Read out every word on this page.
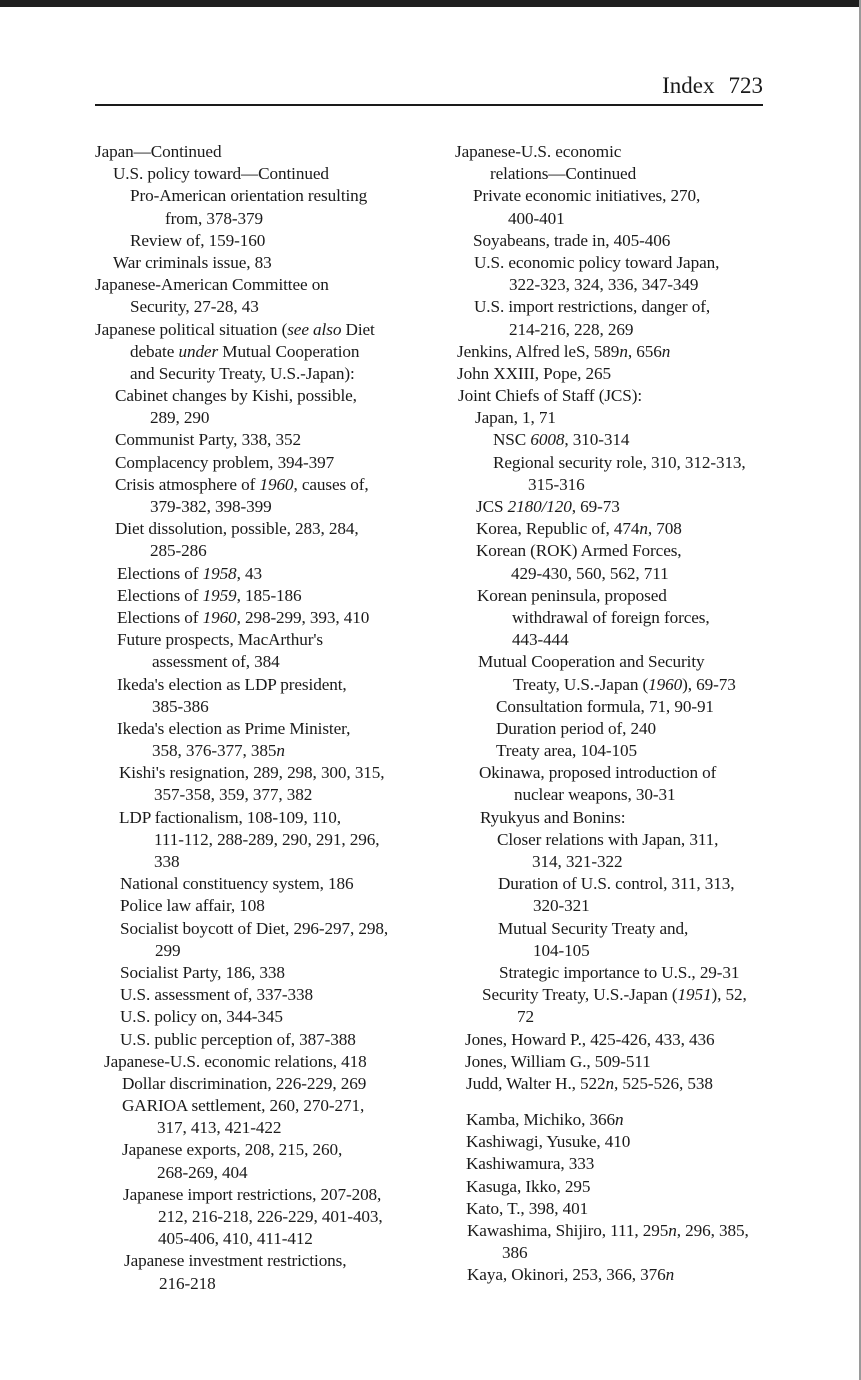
Index 723
Japan—Continued
U.S. policy toward—Continued
Pro-American orientation resulting
from, 378-379
Review of, 159-160
War criminals issue, 83
Japanese-American Committee on
Security, 27-28, 43
Japanese political situation (see also Diet
debate under Mutual Cooperation
and Security Treaty, U.S.-Japan):
Cabinet changes by Kishi, possible,
289, 290
Communist Party, 338, 352
Complacency problem, 394-397
Crisis atmosphere of 1960, causes of,
379-382, 398-399
Diet dissolution, possible, 283, 284,
285-286
Elections of 1958, 43
Elections of 1959, 185-186
Elections of 1960, 298-299, 393, 410
Future prospects, MacArthur's
assessment of, 384
Ikeda's election as LDP president,
385-386
Ikeda's election as Prime Minister,
358, 376-377, 385n
Kishi's resignation, 289, 298, 300, 315,
357-358, 359, 377, 382
LDP factionalism, 108-109, 110,
111-112, 288-289, 290, 291, 296,
338
National constituency system, 186
Police law affair, 108
Socialist boycott of Diet, 296-297, 298,
299
Socialist Party, 186, 338
U.S. assessment of, 337-338
U.S. policy on, 344-345
U.S. public perception of, 387-388
Japanese-U.S. economic relations, 418
Dollar discrimination, 226-229, 269
GARIOA settlement, 260, 270-271,
317, 413, 421-422
Japanese exports, 208, 215, 260,
268-269, 404
Japanese import restrictions, 207-208,
212, 216-218, 226-229, 401-403,
405-406, 410, 411-412
Japanese investment restrictions,
216-218
Japanese-U.S. economic
relations—Continued
Private economic initiatives, 270,
400-401
Soyabeans, trade in, 405-406
U.S. economic policy toward Japan,
322-323, 324, 336, 347-349
U.S. import restrictions, danger of,
214-216, 228, 269
Jenkins, Alfred leS, 589n, 656n
John XXIII, Pope, 265
Joint Chiefs of Staff (JCS):
Japan, 1, 71
NSC 6008, 310-314
Regional security role, 310, 312-313,
315-316
JCS 2180/120, 69-73
Korea, Republic of, 474n, 708
Korean (ROK) Armed Forces,
429-430, 560, 562, 711
Korean peninsula, proposed
withdrawal of foreign forces,
443-444
Mutual Cooperation and Security
Treaty, U.S.-Japan (1960), 69-73
Consultation formula, 71, 90-91
Duration period of, 240
Treaty area, 104-105
Okinawa, proposed introduction of
nuclear weapons, 30-31
Ryukyus and Bonins:
Closer relations with Japan, 311,
314, 321-322
Duration of U.S. control, 311, 313,
320-321
Mutual Security Treaty and,
104-105
Strategic importance to U.S., 29-31
Security Treaty, U.S.-Japan (1951), 52,
72
Jones, Howard P., 425-426, 433, 436
Jones, William G., 509-511
Judd, Walter H., 522n, 525-526, 538
Kamba, Michiko, 366n
Kashiwagi, Yusuke, 410
Kashiwamura, 333
Kasuga, Ikko, 295
Kato, T., 398, 401
Kawashima, Shijiro, 111, 295n, 296, 385,
386
Kaya, Okinori, 253, 366, 376n
